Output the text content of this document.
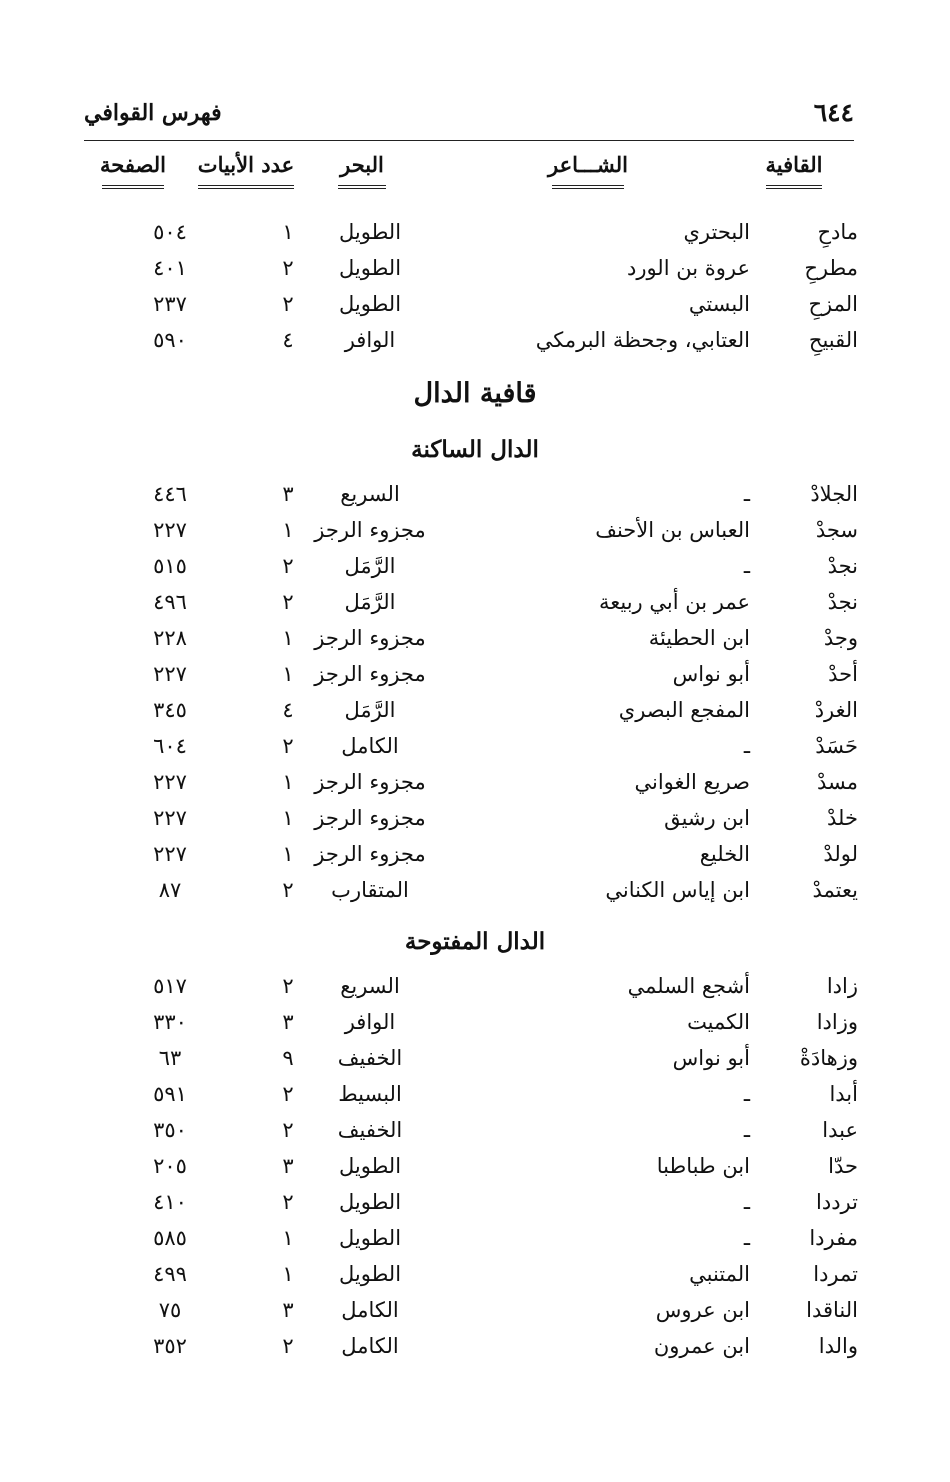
٦٤٤
فهرس القوافي
القافية
الشـــاعر
البحر
عدد الأبيات
الصفحة
مادحِ
البحتري
الطويل
١
٥٠٤
مطرحِ
عروة بن الورد
الطويل
٢
٤٠١
المزحِ
البستي
الطويل
٢
٢٣٧
القبيحِ
العتابي، وجحظة البرمكي
الوافر
٤
٥٩٠
قافية الدال
الدال الساكنة
الجلادْ
ـ
السريع
٣
٤٤٦
سجدْ
العباس بن الأحنف
مجزوء الرجز
١
٢٢٧
نجدْ
ـ
الرَّمَل
٢
٥١٥
نجدْ
عمر بن أبي ربيعة
الرَّمَل
٢
٤٩٦
وجدْ
ابن الحطيئة
مجزوء الرجز
١
٢٢٨
أحدْ
أبو نواس
مجزوء الرجز
١
٢٢٧
الغردْ
المفجع البصري
الرَّمَل
٤
٣٤٥
حَسَدْ
ـ
الكامل
٢
٦٠٤
مسدْ
صريع الغواني
مجزوء الرجز
١
٢٢٧
خلدْ
ابن رشيق
مجزوء الرجز
١
٢٢٧
لولدْ
الخليع
مجزوء الرجز
١
٢٢٧
يعتمدْ
ابن إياس الكناني
المتقارب
٢
٨٧
الدال المفتوحة
زادا
أشجع السلمي
السريع
٢
٥١٧
وزادا
الكميت
الوافر
٣
٣٣٠
وزهادَةْ
أبو نواس
الخفيف
٩
٦٣
أبدا
ـ
البسيط
٢
٥٩١
عبدا
ـ
الخفيف
٢
٣٥٠
حدّا
ابن طباطبا
الطويل
٣
٢٠٥
ترددا
ـ
الطويل
٢
٤١٠
مفردا
ـ
الطويل
١
٥٨٥
تمردا
المتنبي
الطويل
١
٤٩٩
الناقدا
ابن عروس
الكامل
٣
٧٥
والدا
ابن عمرون
الكامل
٢
٣٥٢
